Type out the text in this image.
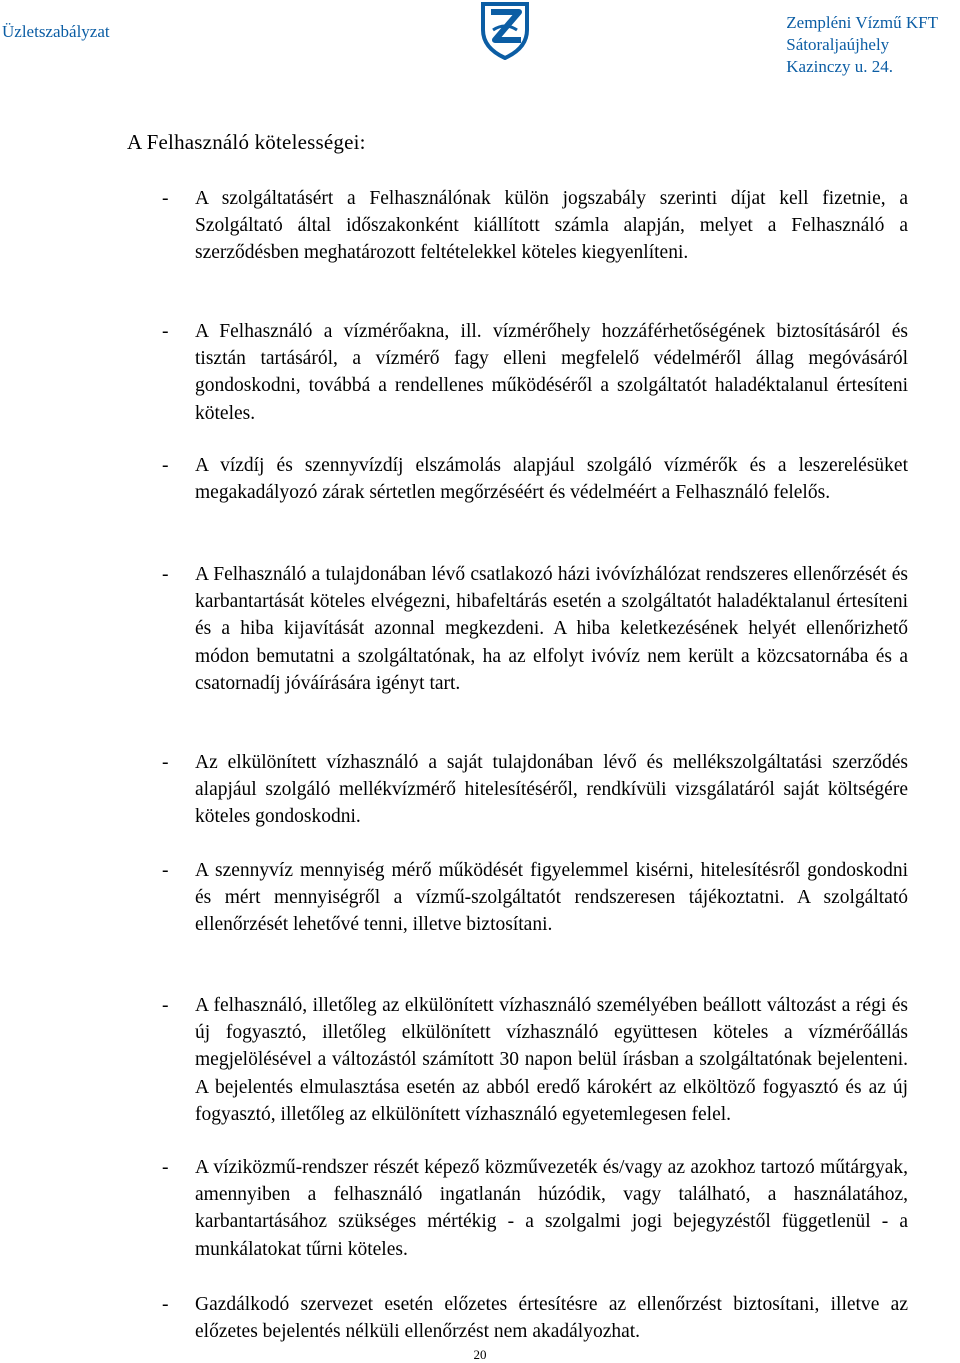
Üzletszabályzat	Zempléni Vízmű KFT
Sátoraljaújhely
Kazinczy u. 24.
A Felhasználó kötelességei:
-	A szolgáltatásért a Felhasználónak külön jogszabály szerinti díjat kell fizetnie, a Szolgáltató által időszakonként kiállított számla alapján, melyet a Felhasználó a szerződésben meghatározott feltételekkel köteles kiegyenlíteni.
-	A Felhasználó a vízmérőakna, ill. vízmérőhely hozzáférhetőségének biztosításáról és tisztán tartásáról, a vízmérő fagy elleni megfelelő védelméről állag megóvásáról gondoskodni, továbbá a rendellenes működéséről a szolgáltatót haladéktalanul értesíteni köteles.
-	A vízdíj és szennyvízdíj elszámolás alapjául szolgáló vízmérők és a leszerelésüket megakadályozó zárak sértetlen megőrzéséért és védelméért a Felhasználó felelős.
-	A Felhasználó a tulajdonában lévő csatlakozó házi ivóvízhálózat rendszeres ellenőrzését és karbantartását köteles elvégezni, hibafeltárás esetén a szolgáltatót haladéktalanul értesíteni és a hiba kijavítását azonnal megkezdeni. A hiba keletkezésének helyét ellenőrizhető módon bemutatni a szolgáltatónak, ha az elfolyt ivóvíz nem került a közcsatornába és a csatornadíj jóváírására igényt tart.
-	Az elkülönített vízhasználó a saját tulajdonában lévő és mellékszolgáltatási szerződés alapjául szolgáló mellékvízmérő hitelesítéséről, rendkívüli vizsgálatáról saját költségére köteles gondoskodni.
-	A szennyvíz mennyiség mérő működését figyelemmel kisérni, hitelesítésről gondoskodni és mért mennyiségről a vízmű-szolgáltatót rendszeresen tájékoztatni. A szolgáltató ellenőrzését lehetővé tenni, illetve biztosítani.
-	A felhasználó, illetőleg az elkülönített vízhasználó személyében beállott változást a régi és új fogyasztó, illetőleg elkülönített vízhasználó együttesen köteles a vízmérőállás megjelölésével a változástól számított 30 napon belül írásban a szolgáltatónak bejelenteni. A bejelentés elmulasztása esetén az abból eredő károkért az elköltöző fogyasztó és az új fogyasztó, illetőleg az elkülönített vízhasználó egyetemlegesen felel.
-	A víziközmű-rendszer részét képező közművezeték és/vagy az azokhoz tartozó műtárgyak, amennyiben a felhasználó ingatlanán húzódik, vagy található, a használatához, karbantartásához szükséges mértékig - a szolgalmi jogi bejegyzéstől függetlenül - a munkálatokat tűrni köteles.
-	Gazdálkodó szervezet esetén előzetes értesítésre az ellenőrzést biztosítani, illetve az előzetes bejelentés nélküli ellenőrzést nem akadályozhat.
20
